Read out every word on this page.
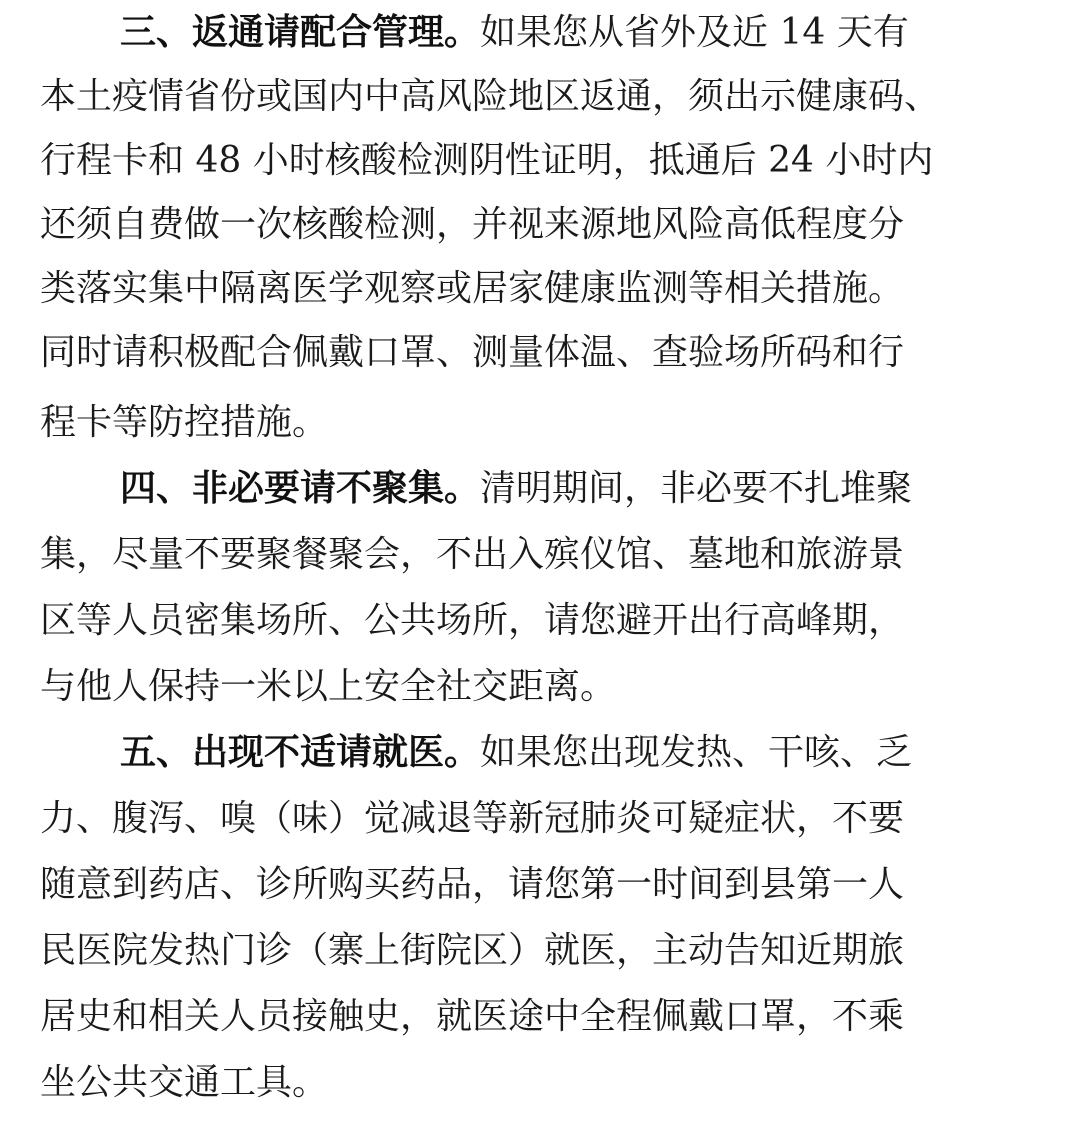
三、返通请配合管理。如果您从省外及近 14 天有
本土疫情省份或国内中高风险地区返通，须出示健康码、
行程卡和 48 小时核酸检测阴性证明，抵通后 24 小时内
还须自费做一次核酸检测，并视来源地风险高低程度分
类落实集中隔离医学观察或居家健康监测等相关措施。
同时请积极配合佩戴口罩、测量体温、查验场所码和行
程卡等防控措施。
四、非必要请不聚集。清明期间，非必要不扎堆聚
集，尽量不要聚餐聚会，不出入殡仪馆、墓地和旅游景
区等人员密集场所、公共场所，请您避开出行高峰期，
与他人保持一米以上安全社交距离。
五、出现不适请就医。如果您出现发热、干咳、乏
力、腹泻、嗅（味）觉减退等新冠肺炎可疑症状，不要
随意到药店、诊所购买药品，请您第一时间到县第一人
民医院发热门诊（寨上街院区）就医，主动告知近期旅
居史和相关人员接触史，就医途中全程佩戴口罩，不乘
坐公共交通工具。
